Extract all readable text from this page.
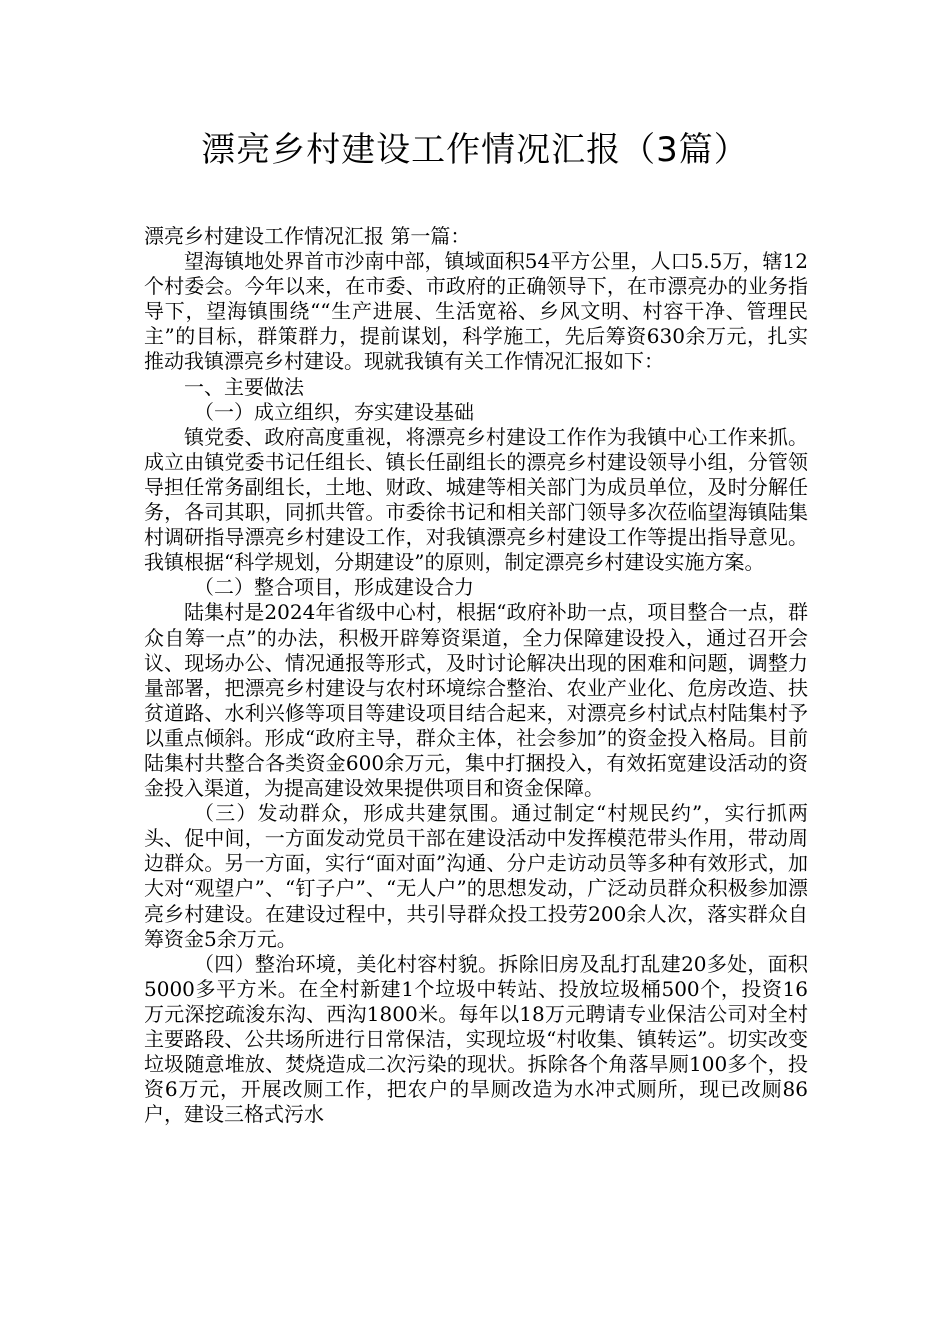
漂亮乡村建设工作情况汇报（3篇）

漂亮乡村建设工作情况汇报 第一篇：

望海镇地处界首市沙南中部，镇域面积54平方公里，人口5.5万，辖12个村委会。今年以来，在市委、市政府的正确领导下，在市漂亮办的业务指导下，望海镇围绕““生产进展、生活宽裕、乡风文明、村容干净、管理民主”的目标，群策群力，提前谋划，科学施工，先后筹资630余万元，扎实推动我镇漂亮乡村建设。现就我镇有关工作情况汇报如下：

一、主要做法

（一）成立组织，夯实建设基础

镇党委、政府高度重视，将漂亮乡村建设工作作为我镇中心工作来抓。成立由镇党委书记任组长、镇长任副组长的漂亮乡村建设领导小组，分管领导担任常务副组长，土地、财政、城建等相关部门为成员单位，及时分解任务，各司其职，同抓共管。市委徐书记和相关部门领导多次莅临望海镇陆集村调研指导漂亮乡村建设工作，对我镇漂亮乡村建设工作等提出指导意见。我镇根据“科学规划，分期建设”的原则，制定漂亮乡村建设实施方案。

（二）整合项目，形成建设合力

陆集村是2024年省级中心村，根据“政府补助一点，项目整合一点，群众自筹一点”的办法，积极开辟筹资渠道，全力保障建设投入，通过召开会议、现场办公、情况通报等形式，及时讨论解决出现的困难和问题，调整力量部署，把漂亮乡村建设与农村环境综合整治、农业产业化、危房改造、扶贫道路、水利兴修等项目等建设项目结合起来，对漂亮乡村试点村陆集村予以重点倾斜。形成“政府主导，群众主体，社会参加”的资金投入格局。目前陆集村共整合各类资金600余万元，集中打捆投入，有效拓宽建设活动的资金投入渠道，为提高建设效果提供项目和资金保障。

（三）发动群众，形成共建氛围。通过制定“村规民约”，实行抓两头、促中间，一方面发动党员干部在建设活动中发挥模范带头作用，带动周边群众。另一方面，实行“面对面”沟通、分户走访动员等多种有效形式，加大对“观望户”、“钉子户”、“无人户”的思想发动，广泛动员群众积极参加漂亮乡村建设。在建设过程中，共引导群众投工投劳200余人次，落实群众自筹资金5余万元。

（四）整治环境，美化村容村貌。拆除旧房及乱打乱建20多处，面积5000多平方米。在全村新建1个垃圾中转站、投放垃圾桶500个，投资16万元深挖疏浚东沟、西沟1800米。每年以18万元聘请专业保洁公司对全村主要路段、公共场所进行日常保洁，实现垃圾“村收集、镇转运”。切实改变垃圾随意堆放、焚烧造成二次污染的现状。拆除各个角落旱厕100多个，投资6万元，开展改厕工作，把农户的旱厕改造为水冲式厕所，现已改厕86户，建设三格式污水
